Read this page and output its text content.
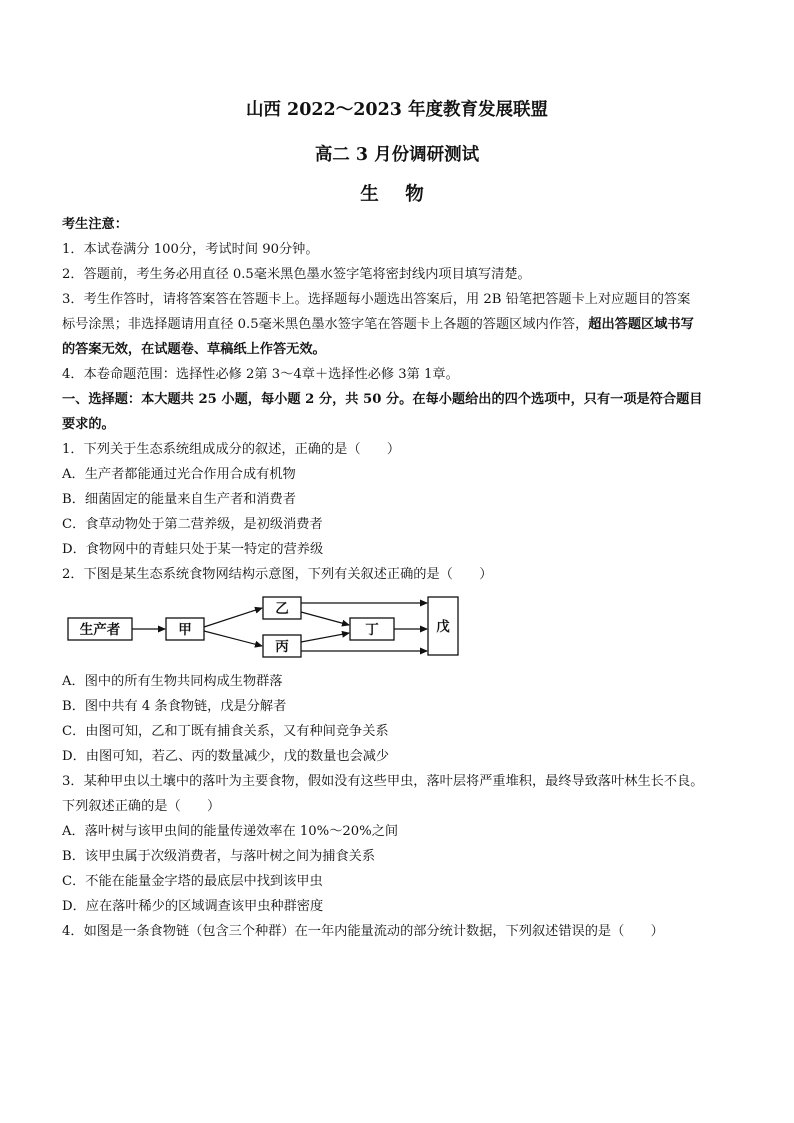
山西 2022～2023 年度教育发展联盟
高二 3 月份调研测试
生 物
考生注意：
1．本试卷满分 100分，考试时间 90分钟。
2．答题前，考生务必用直径 0.5毫米黑色墨水签字笔将密封线内项目填写清楚。
3．考生作答时，请将答案答在答题卡上。选择题每小题选出答案后，用 2B 铅笔把答题卡上对应题目的答案
标号涂黑；非选择题请用直径 0.5毫米黑色墨水签字笔在答题卡上各题的答题区域内作答，超出答题区域书写
的答案无效，在试题卷、草稿纸上作答无效。
4．本卷命题范围：选择性必修 2第 3～4章＋选择性必修 3第 1章。
一、选择题：本大题共 25 小题，每小题 2 分，共 50 分。在每小题给出的四个选项中，只有一项是符合题目
要求的。
1．下列关于生态系统组成成分的叙述，正确的是（　　）
A．生产者都能通过光合作用合成有机物
B．细菌固定的能量来自生产者和消费者
C．食草动物处于第二营养级，是初级消费者
D．食物网中的青蛙只处于某一特定的营养级
2．下图是某生态系统食物网结构示意图，下列有关叙述正确的是（　　）
生产者	甲
乙
丙
丁	戊
A．图中的所有生物共同构成生物群落
B．图中共有 4 条食物链，戊是分解者
C．由图可知，乙和丁既有捕食关系，又有种间竞争关系
D．由图可知，若乙、丙的数量减少，戊的数量也会减少
3．某种甲虫以土壤中的落叶为主要食物，假如没有这些甲虫，落叶层将严重堆积，最终导致落叶林生长不良。
下列叙述正确的是（　　）
A．落叶树与该甲虫间的能量传递效率在 10%～20%之间
B．该甲虫属于次级消费者，与落叶树之间为捕食关系
C．不能在能量金字塔的最底层中找到该甲虫
D．应在落叶稀少的区域调查该甲虫种群密度
4．如图是一条食物链（包含三个种群）在一年内能量流动的部分统计数据，下列叙述错误的是（　　）
